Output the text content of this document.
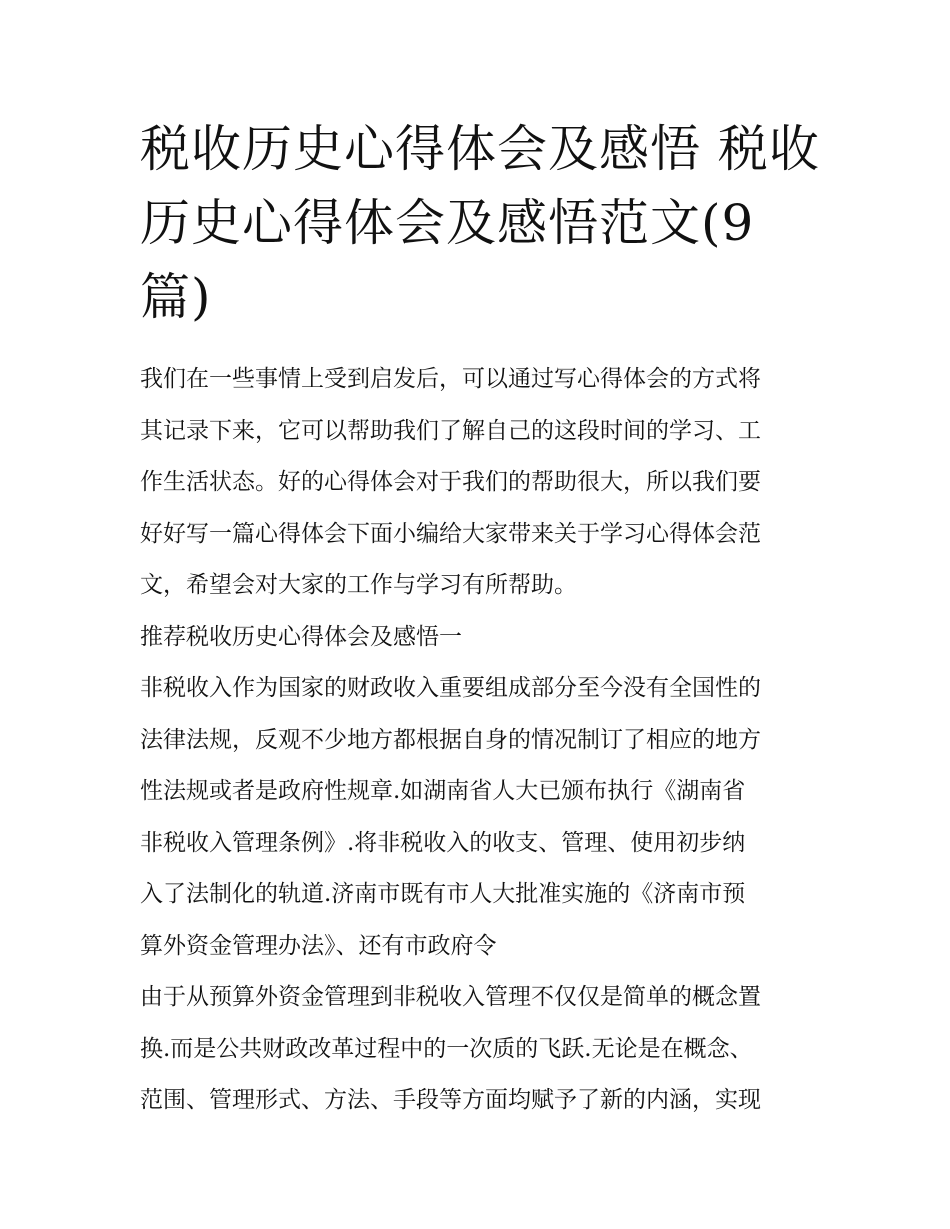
税收历史心得体会及感悟 税收
历史心得体会及感悟范文(9
篇)

我们在一些事情上受到启发后，可以通过写心得体会的方式将
其记录下来，它可以帮助我们了解自己的这段时间的学习、工
作生活状态。好的心得体会对于我们的帮助很大，所以我们要
好好写一篇心得体会下面小编给大家带来关于学习心得体会范
文，希望会对大家的工作与学习有所帮助。

推荐税收历史心得体会及感悟一

非税收入作为国家的财政收入重要组成部分至今没有全国性的
法律法规，反观不少地方都根据自身的情况制订了相应的地方
性法规或者是政府性规章.如湖南省人大已颁布执行《湖南省
非税收入管理条例》.将非税收入的收支、管理、使用初步纳
入了法制化的轨道.济南市既有市人大批准实施的《济南市预
算外资金管理办法》、还有市政府令

由于从预算外资金管理到非税收入管理不仅仅是简单的概念置
换.而是公共财政改革过程中的一次质的飞跃.无论是在概念、
范围、管理形式、方法、手段等方面均赋予了新的内涵，实现
